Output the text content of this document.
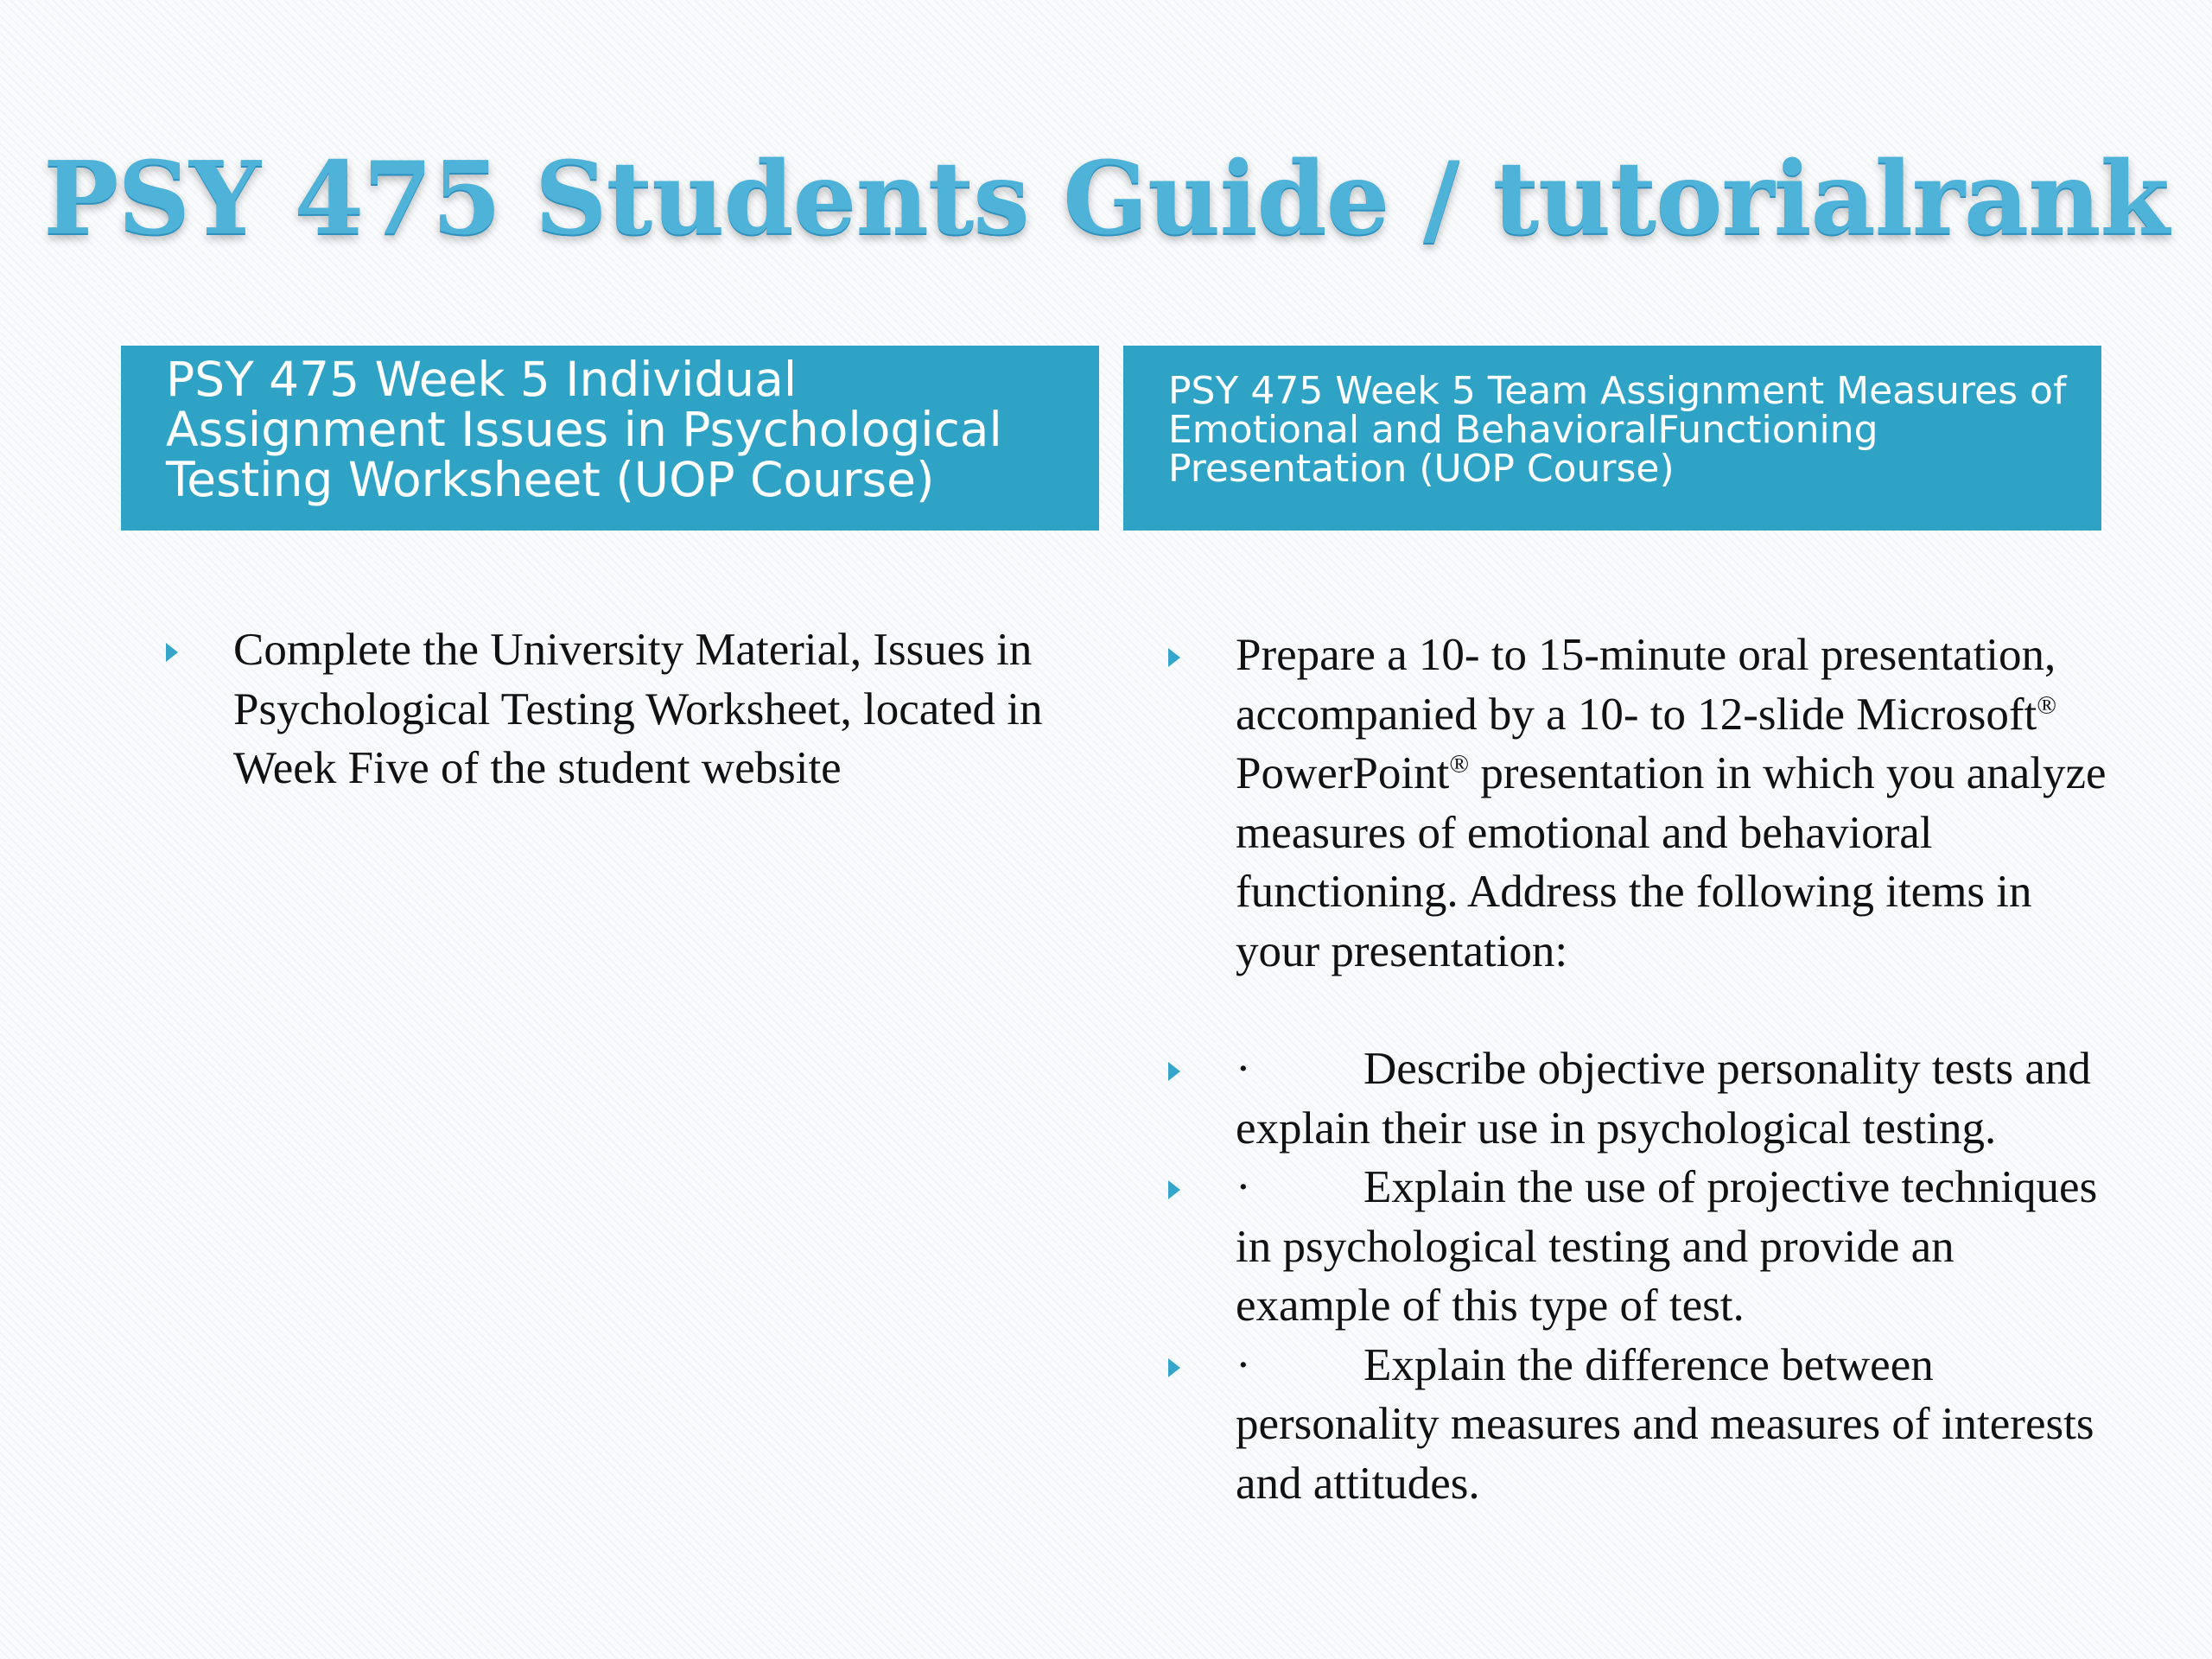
PSY 475 Students Guide / tutorialrank
PSY 475 Week 5 Individual Assignment Issues in Psychological Testing Worksheet (UOP Course)
PSY 475 Week 5 Team Assignment Measures of Emotional and BehavioralFunctioning Presentation (UOP Course)
Complete the University Material, Issues in Psychological Testing Worksheet, located in Week Five of the student website
Prepare a 10- to 15-minute oral presentation, accompanied by a 10- to 12-slide Microsoft® PowerPoint® presentation in which you analyze measures of emotional and behavioral functioning. Address the following items in your presentation:
· Describe objective personality tests and explain their use in psychological testing.
· Explain the use of projective techniques in psychological testing and provide an example of this type of test.
· Explain the difference between personality measures and measures of interests and attitudes.
